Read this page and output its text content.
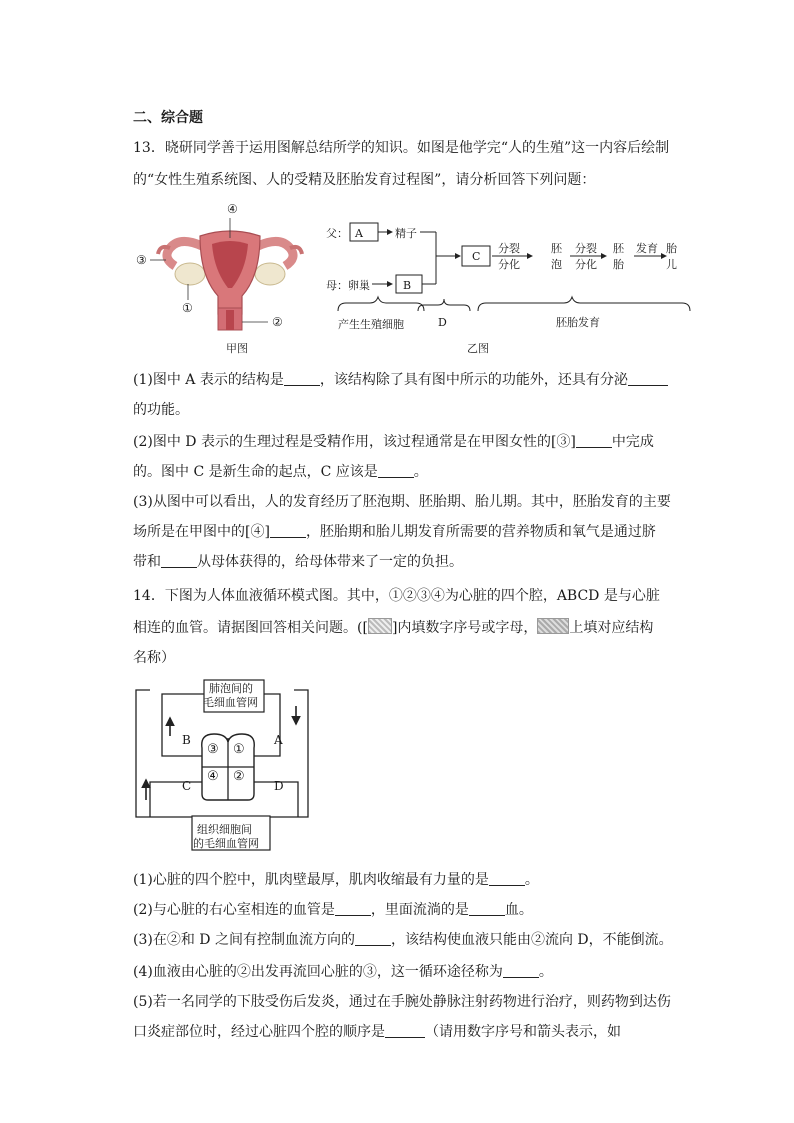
二、综合题
13．晓研同学善于运用图解总结所学的知识。如图是他学完“人的生殖”这一内容后绘制
的“女性生殖系统图、人的受精及胚胎发育过程图”，请分析回答下列问题：
④
③
①
②
甲图
父： A	精子
母：卵巢	B
C
分裂
分化
胚
泡
分裂
分化
胚
胎
发育 胎
儿
产生生殖细胞	D	胚胎发育
乙图
(1)图中 A 表示的结构是	，该结构除了具有图中所示的功能外，还具有分泌
的功能。
(2)图中 D 表示的生理过程是受精作用，该过程通常是在甲图女性的[③]	中完成
的。图中 C 是新生命的起点，C 应该是	。
(3)从图中可以看出，人的发育经历了胚泡期、胚胎期、胎儿期。其中，胚胎发育的主要
场所是在甲图中的[④]	，胚胎期和胎儿期发育所需要的营养物质和氧气是通过脐
带和	从母体获得的，给母体带来了一定的负担。
14．下图为人体血液循环模式图。其中，①②③④为心脏的四个腔，ABCD 是与心脏
相连的血管。请据图回答相关问题。([ ]内填数字序号或字母， 上填对应结构
名称）
肺泡间的
毛细血管网
组织细胞间
的毛细血管网
B	A
C	D
③ ①
④ ②
(1)心脏的四个腔中，肌肉壁最厚，肌肉收缩最有力量的是	。
(2)与心脏的右心室相连的血管是	，里面流淌的是	血。
(3)在②和 D 之间有控制血流方向的	，该结构使血液只能由②流向 D，不能倒流。
(4)血液由心脏的②出发再流回心脏的③，这一循环途径称为	。
(5)若一名同学的下肢受伤后发炎，通过在手腕处静脉注射药物进行治疗，则药物到达伤
口炎症部位时，经过心脏四个腔的顺序是	（请用数字序号和箭头表示，如
